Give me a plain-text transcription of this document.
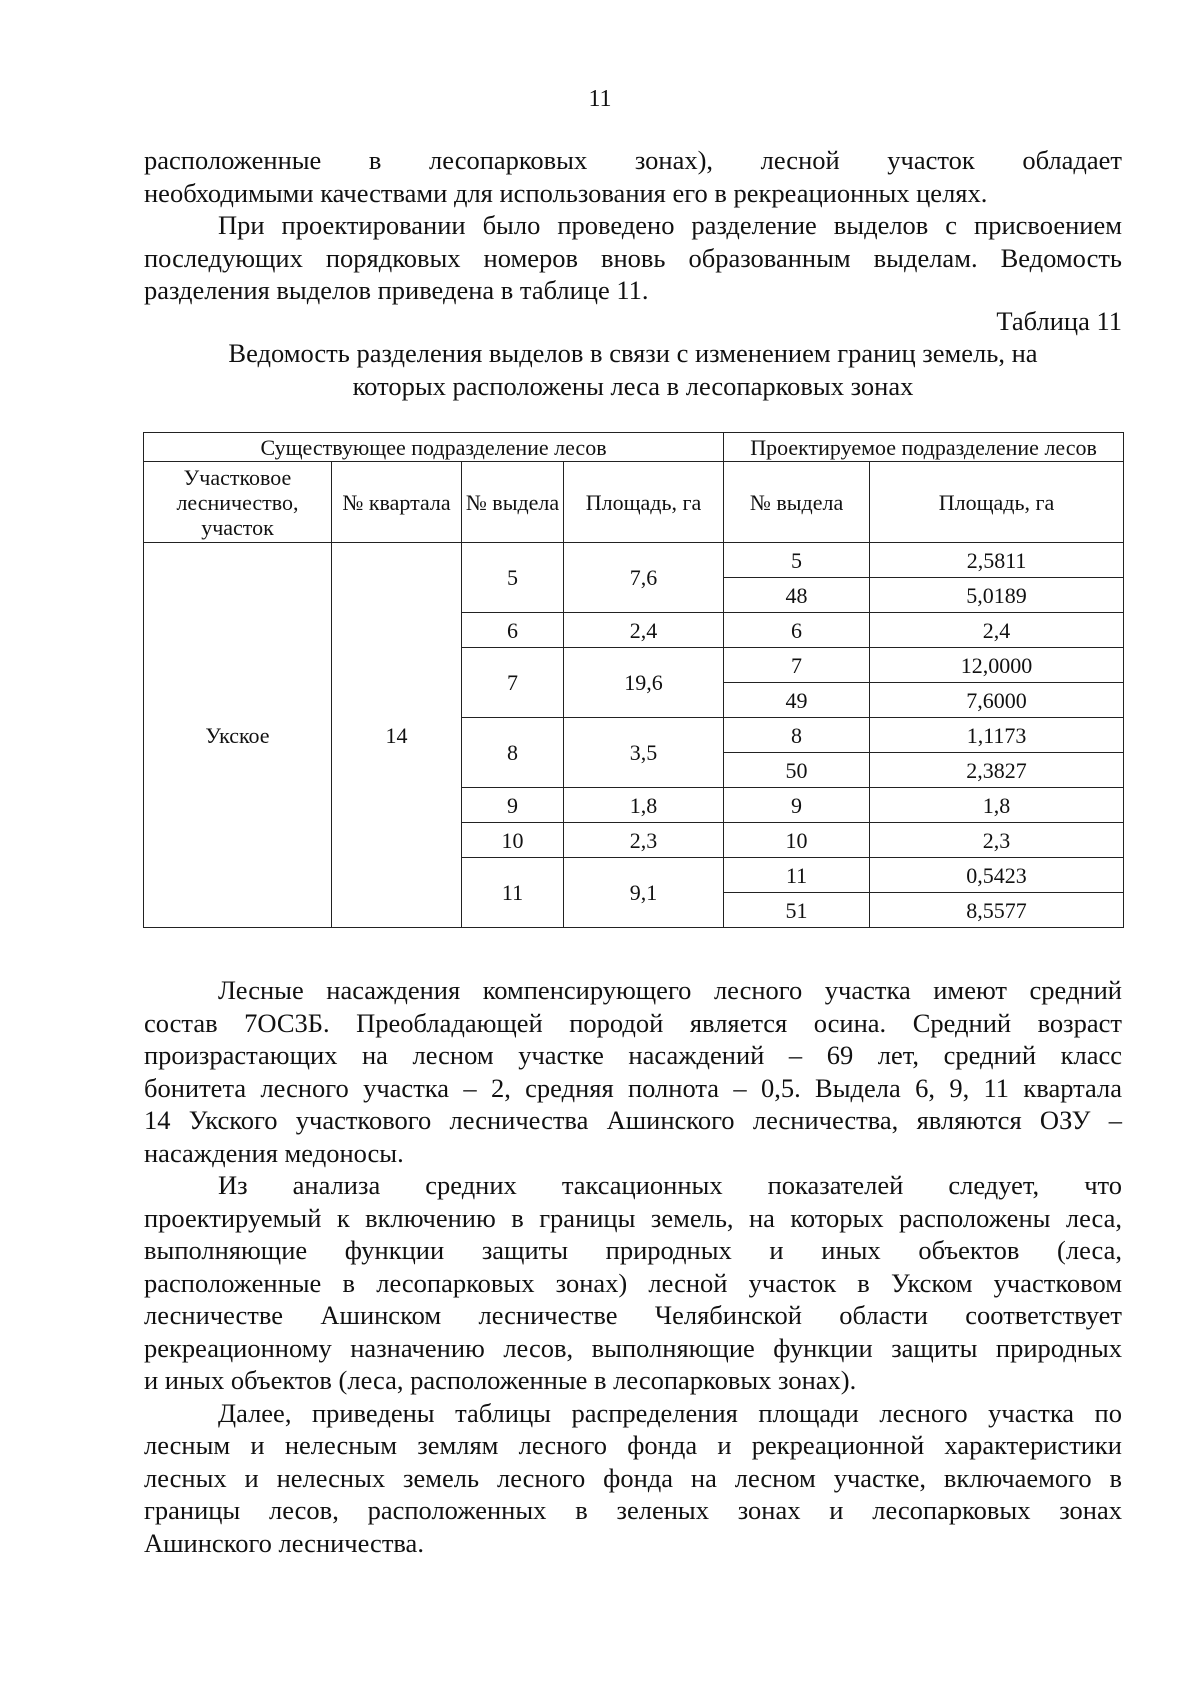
11
расположенные в лесопарковых зонах), лесной участок обладает
необходимыми качествами для использования его в рекреационных целях.
При проектировании было проведено разделение выделов с присвоением
последующих порядковых номеров вновь образованным выделам. Ведомость
разделения выделов приведена в таблице 11.
Таблица 11
Ведомость разделения выделов в связи с изменением границ земель, на
которых расположены леса в лесопарковых зонах
Существующее подразделение лесов				Проектируемое подразделение лесов	
Участковое лесничество, участок	№ квартала	№ выдела	Площадь, га	№ выдела	Площадь, га
Укское	14	5	7,6	5	2,5811
				48	5,0189
		6	2,4	6	2,4
		7	19,6	7	12,0000
				49	7,6000
		8	3,5	8	1,1173
				50	2,3827
		9	1,8	9	1,8
		10	2,3	10	2,3
		11	9,1	11	0,5423
				51	8,5577
Лесные насаждения компенсирующего лесного участка имеют средний
состав 7ОС3Б. Преобладающей породой является осина. Средний возраст
произрастающих на лесном участке насаждений – 69 лет, средний класс
бонитета лесного участка – 2, средняя полнота – 0,5. Выдела 6, 9, 11 квартала
14 Укского участкового лесничества Ашинского лесничества, являются ОЗУ –
насаждения медоносы.
Из анализа средних таксационных показателей следует, что
проектируемый к включению в границы земель, на которых расположены леса,
выполняющие функции защиты природных и иных объектов (леса,
расположенные в лесопарковых зонах) лесной участок в Укском участковом
лесничестве Ашинском лесничестве Челябинской области соответствует
рекреационному назначению лесов, выполняющие функции защиты природных
и иных объектов (леса, расположенные в лесопарковых зонах).
Далее, приведены таблицы распределения площади лесного участка по
лесным и нелесным землям лесного фонда и рекреационной характеристики
лесных и нелесных земель лесного фонда на лесном участке, включаемого в
границы лесов, расположенных в зеленых зонах и лесопарковых зонах
Ашинского лесничества.
